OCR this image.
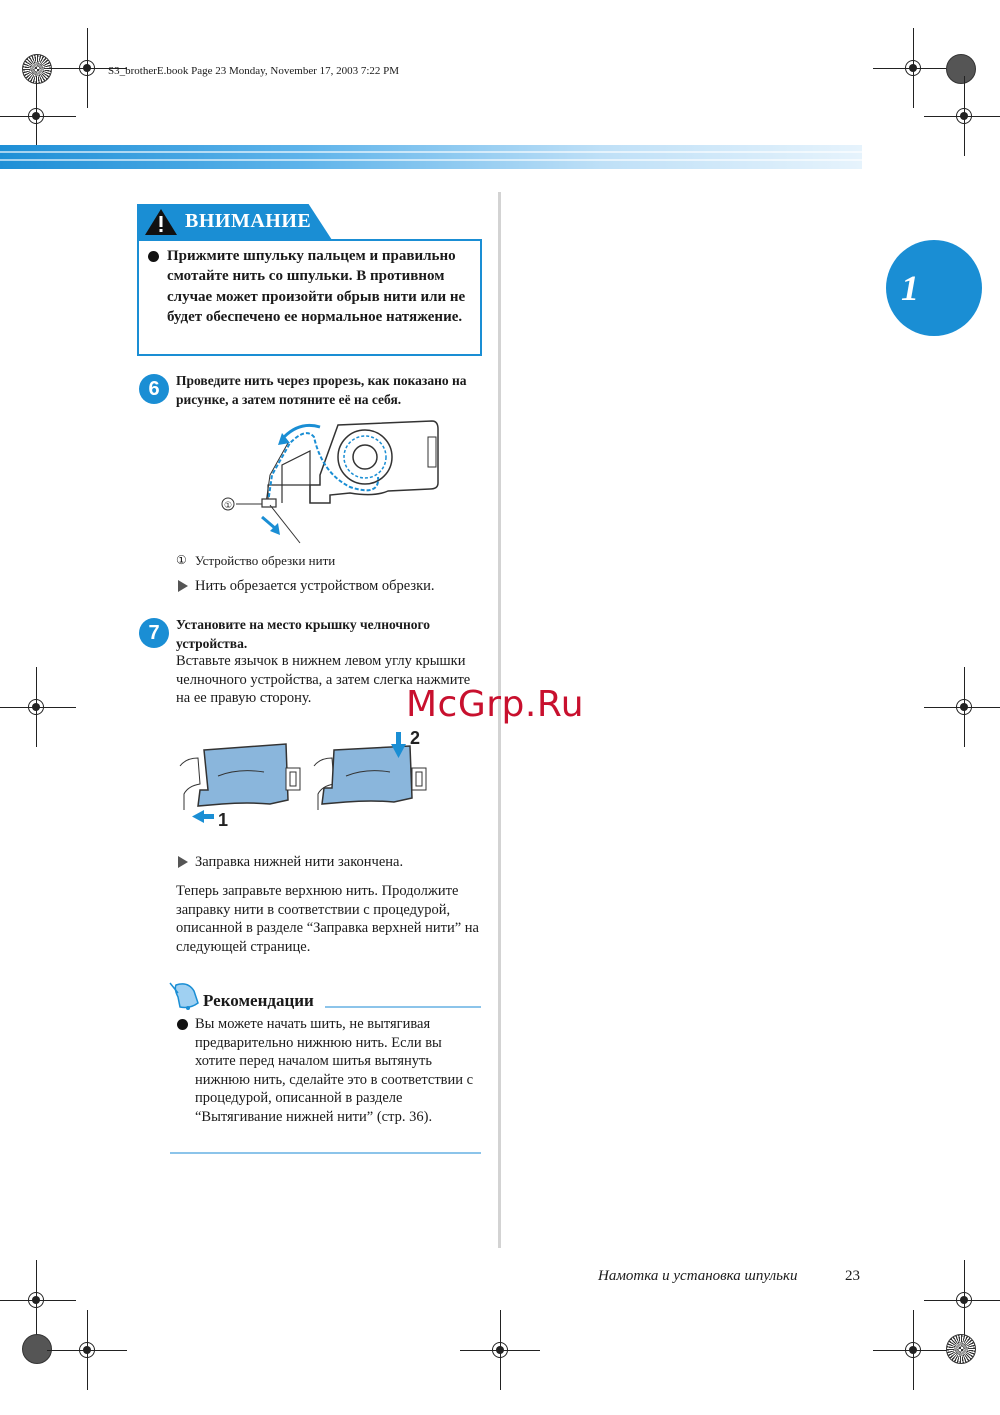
S3_brotherE.book Page 23 Monday, November 17, 2003 7:22 PM
1
ВНИМАНИЕ
Прижмите шпульку пальцем и правильно смотайте нить со шпульки. В противном случае может произойти обрыв нити или не будет обеспечено ее нормальное натяжение.
6	Проведите нить через прорезь, как показано на рисунке, а затем потяните её на себя.
①
① Устройство обрезки нити
Нить обрезается устройством обрезки.
7	Установите на место крышку челночного устройства.
Вставьте язычок в нижнем левом углу крышки челночного устройства, а затем слегка нажмите на ее правую сторону.
1
2
Заправка нижней нити закончена.
Теперь заправьте верхнюю нить. Продолжите заправку нити в соответствии с процедурой, описанной в разделе “Заправка верхней нити” на следующей странице.
Рекомендации
Вы можете начать шить, не вытягивая предварительно нижнюю нить. Если вы хотите перед началом шитья вытянуть нижнюю нить, сделайте это в соответствии с процедурой, описанной в разделе “Вытягивание нижней нити” (стр. 36).
McGrp.Ru
Намотка и установка шпульки	23
